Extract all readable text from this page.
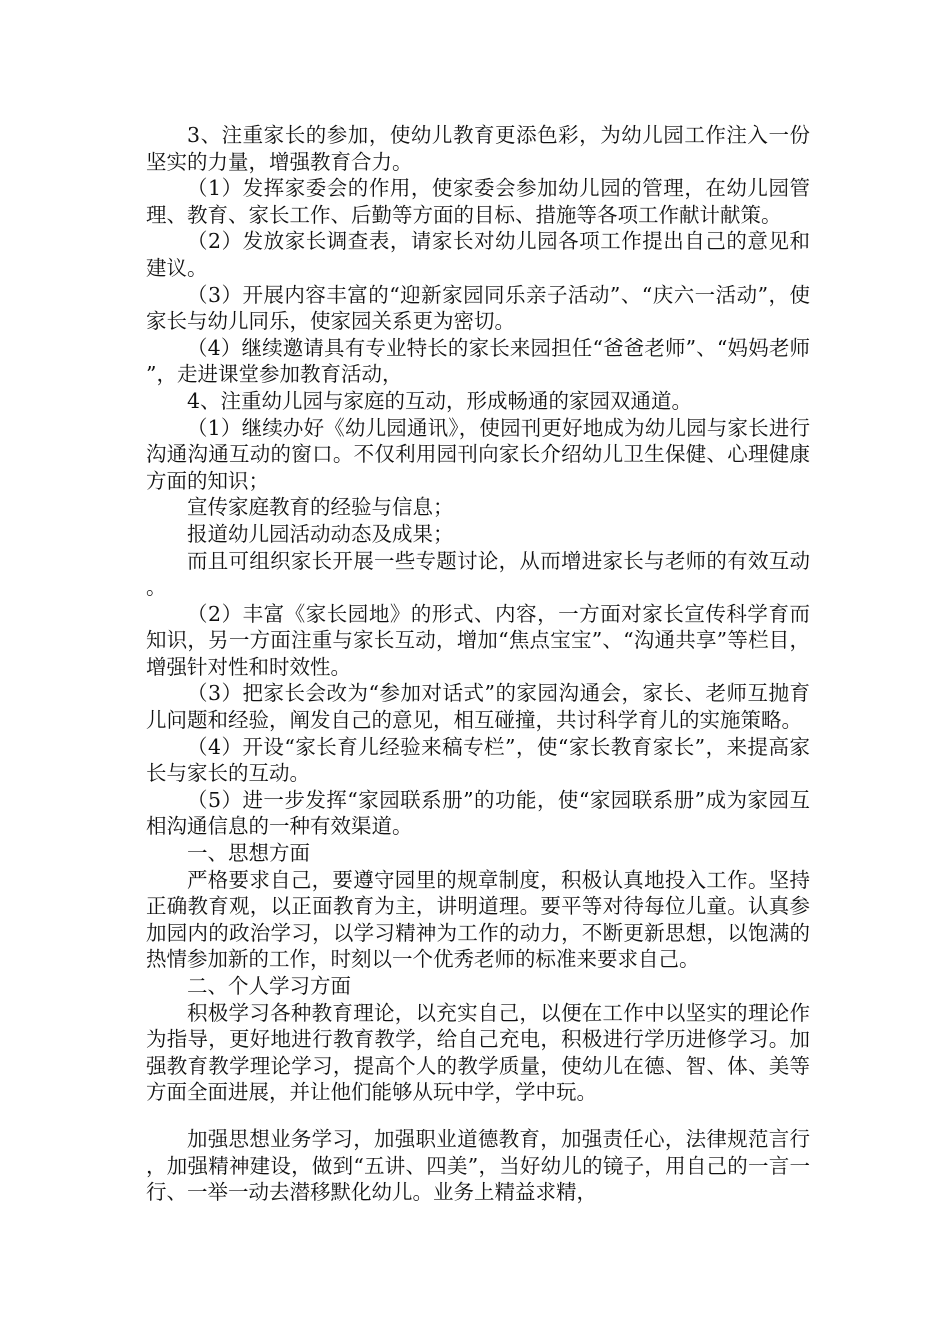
3、注重家长的参加，使幼儿教育更添色彩，为幼儿园工作注入一份坚实的力量，增强教育合力。

（1）发挥家委会的作用，使家委会参加幼儿园的管理，在幼儿园管理、教育、家长工作、后勤等方面的目标、措施等各项工作献计献策。

（2）发放家长调查表，请家长对幼儿园各项工作提出自己的意见和建议。

（3）开展内容丰富的“迎新家园同乐亲子活动”、“庆六一活动”，使家长与幼儿同乐，使家园关系更为密切。

（4）继续邀请具有专业特长的家长来园担任“爸爸老师”、“妈妈老师”，走进课堂参加教育活动，

4、注重幼儿园与家庭的互动，形成畅通的家园双通道。

（1）继续办好《幼儿园通讯》，使园刊更好地成为幼儿园与家长进行沟通沟通互动的窗口。不仅利用园刊向家长介绍幼儿卫生保健、心理健康方面的知识；

宣传家庭教育的经验与信息；

报道幼儿园活动动态及成果；

而且可组织家长开展一些专题讨论，从而增进家长与老师的有效互动。

（2）丰富《家长园地》的形式、内容，一方面对家长宣传科学育而知识，另一方面注重与家长互动，增加“焦点宝宝”、“沟通共享”等栏目，增强针对性和时效性。

（3）把家长会改为“参加对话式”的家园沟通会，家长、老师互抛育儿问题和经验，阐发自己的意见，相互碰撞，共讨科学育儿的实施策略。

（4）开设“家长育儿经验来稿专栏”，使“家长教育家长”，来提高家长与家长的互动。

（5）进一步发挥“家园联系册”的功能，使“家园联系册”成为家园互相沟通信息的一种有效渠道。

一、思想方面

严格要求自己，要遵守园里的规章制度，积极认真地投入工作。坚持正确教育观，以正面教育为主，讲明道理。要平等对待每位儿童。认真参加园内的政治学习，以学习精神为工作的动力，不断更新思想，以饱满的热情参加新的工作，时刻以一个优秀老师的标准来要求自己。

二、个人学习方面

积极学习各种教育理论，以充实自己，以便在工作中以坚实的理论作为指导，更好地进行教育教学，给自己充电，积极进行学历进修学习。加强教育教学理论学习，提高个人的教学质量，使幼儿在德、智、体、美等方面全面进展，并让他们能够从玩中学，学中玩。

加强思想业务学习，加强职业道德教育，加强责任心，法律规范言行，加强精神建设，做到“五讲、四美”，当好幼儿的镜子，用自己的一言一行、一举一动去潜移默化幼儿。业务上精益求精，
